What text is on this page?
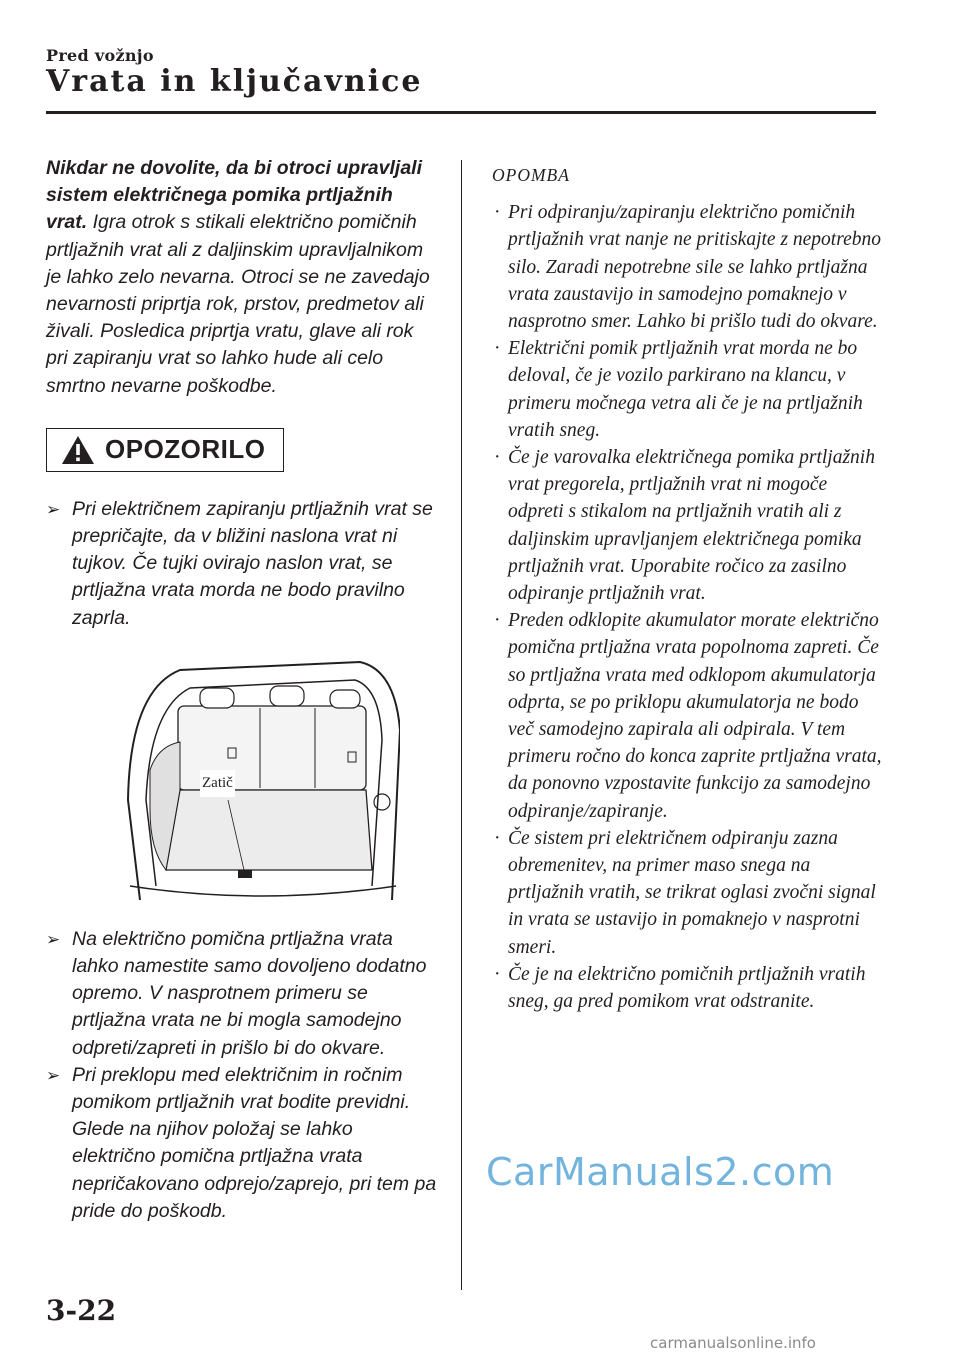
Pred vožnjo
Vrata in ključavnice
Nikdar ne dovolite, da bi otroci upravljali sistem električnega pomika prtljažnih vrat. Igra otrok s stikali električno pomičnih prtljažnih vrat ali z daljinskim upravljalnikom je lahko zelo nevarna. Otroci se ne zavedajo nevarnosti priprtja rok, prstov, predmetov ali živali. Posledica priprtja vratu, glave ali rok pri zapiranju vrat so lahko hude ali celo smrtno nevarne poškodbe.
OPOZORILO
➢ Pri električnem zapiranju prtljažnih vrat se prepričajte, da v bližini naslona vrat ni tujkov. Če tujki ovirajo naslon vrat, se prtljažna vrata morda ne bodo pravilno zaprla.
Zatič
➢ Na električno pomična prtljažna vrata lahko namestite samo dovoljeno dodatno opremo. V nasprotnem primeru se prtljažna vrata ne bi mogla samodejno odpreti/zapreti in prišlo bi do okvare.
➢ Pri preklopu med električnim in ročnim pomikom prtljažnih vrat bodite previdni. Glede na njihov položaj se lahko električno pomična prtljažna vrata nepričakovano odprejo/zaprejo, pri tem pa pride do poškodb.
OPOMBA
· Pri odpiranju/zapiranju električno pomičnih prtljažnih vrat nanje ne pritiskajte z nepotrebno silo. Zaradi nepotrebne sile se lahko prtljažna vrata zaustavijo in samodejno pomaknejo v nasprotno smer. Lahko bi prišlo tudi do okvare.
· Električni pomik prtljažnih vrat morda ne bo deloval, če je vozilo parkirano na klancu, v primeru močnega vetra ali če je na prtljažnih vratih sneg.
· Če je varovalka električnega pomika prtljažnih vrat pregorela, prtljažnih vrat ni mogoče odpreti s stikalom na prtljažnih vratih ali z daljinskim upravljanjem električnega pomika prtljažnih vrat. Uporabite ročico za zasilno odpiranje prtljažnih vrat.
· Preden odklopite akumulator morate električno pomična prtljažna vrata popolnoma zapreti. Če so prtljažna vrata med odklopom akumulatorja odprta, se po priklopu akumulatorja ne bodo več samodejno zapirala ali odpirala. V tem primeru ročno do konca zaprite prtljažna vrata, da ponovno vzpostavite funkcijo za samodejno odpiranje/zapiranje.
· Če sistem pri električnem odpiranju zazna obremenitev, na primer maso snega na prtljažnih vratih, se trikrat oglasi zvočni signal in vrata se ustavijo in pomaknejo v nasprotni smeri.
· Če je na električno pomičnih prtljažnih vratih sneg, ga pred pomikom vrat odstranite.
CarManuals2.com
3-22
carmanualsonline.info
